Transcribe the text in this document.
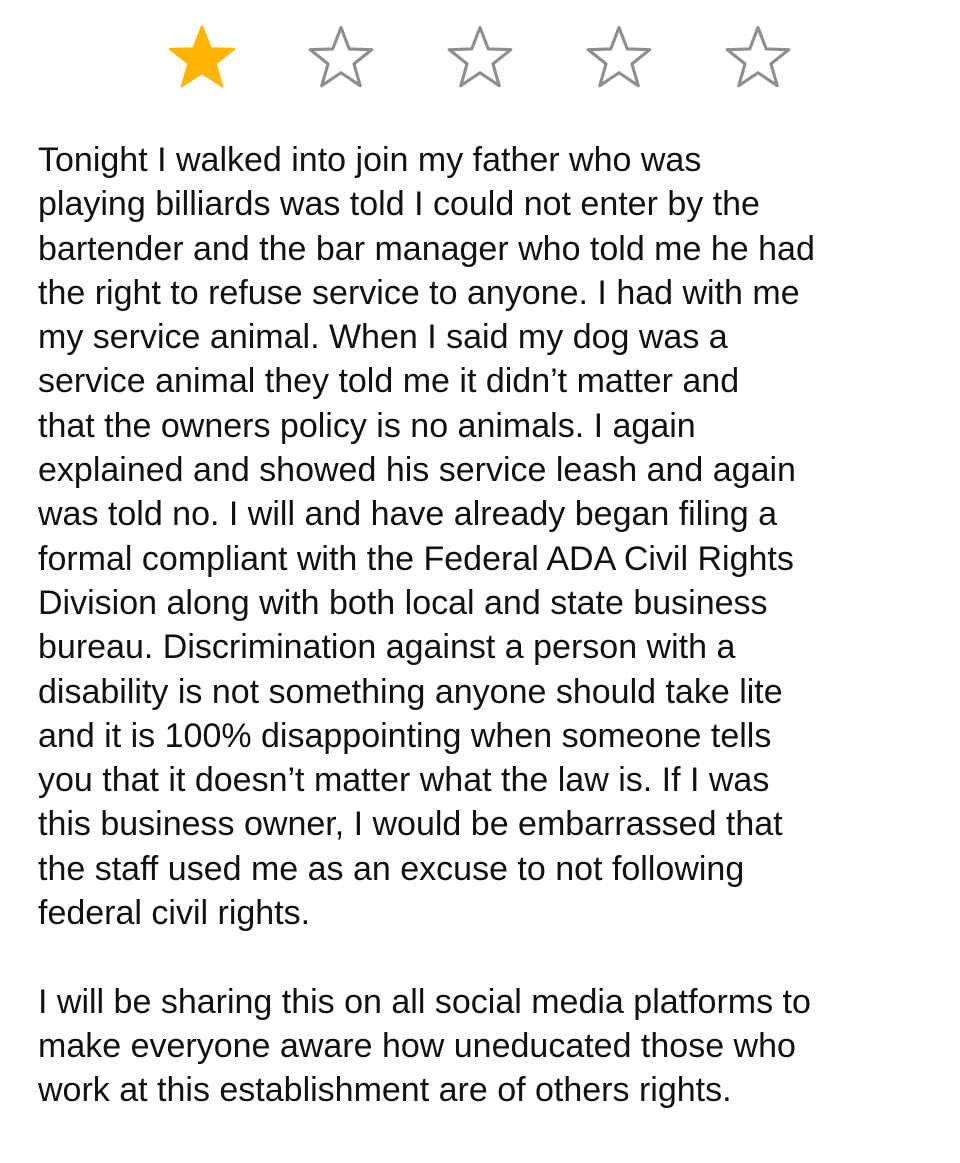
Tonight I walked into join my father who was
playing billiards was told I could not enter by the
bartender and the bar manager who told me he had
the right to refuse service to anyone. I had with me
my service animal. When I said my dog was a
service animal they told me it didn’t matter and
that the owners policy is no animals. I again
explained and showed his service leash and again
was told no. I will and have already began filing a
formal compliant with the Federal ADA Civil Rights
Division along with both local and state business
bureau. Discrimination against a person with a
disability is not something anyone should take lite
and it is 100% disappointing when someone tells
you that it doesn’t matter what the law is. If I was
this business owner, I would be embarrassed that
the staff used me as an excuse to not following
federal civil rights.

I will be sharing this on all social media platforms to
make everyone aware how uneducated those who
work at this establishment are of others rights.
